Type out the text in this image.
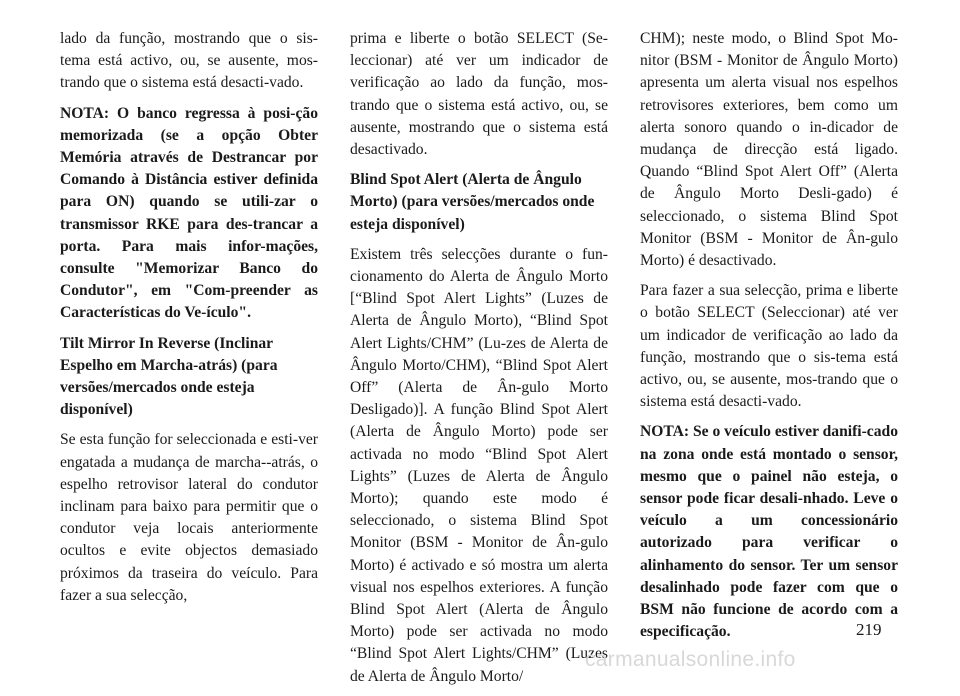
lado da função, mostrando que o sis-tema está activo, ou, se ausente, mos-trando que o sistema está desacti-vado.

NOTA: O banco regressa à posi-ção memorizada (se a opção Obter Memória através de Destrancar por Comando à Distância estiver definida para ON) quando se utili-zar o transmissor RKE para des-trancar a porta. Para mais infor-mações, consulte "Memorizar Banco do Condutor", em "Com-preender as Características do Ve-ículo".

Tilt Mirror In Reverse (Inclinar Espelho em Marcha-atrás) (para versões/mercados onde esteja disponível)

Se esta função for seleccionada e esti-ver engatada a mudança de marcha--atrás, o espelho retrovisor lateral do condutor inclinam para baixo para permitir que o condutor veja locais anteriormente ocultos e evite objectos demasiado próximos da traseira do veículo. Para fazer a sua selecção,

prima e liberte o botão SELECT (Se-leccionar) até ver um indicador de verificação ao lado da função, mos-trando que o sistema está activo, ou, se ausente, mostrando que o sistema está desactivado.

Blind Spot Alert (Alerta de Ângulo Morto) (para versões/mercados onde esteja disponível)

Existem três selecções durante o fun-cionamento do Alerta de Ângulo Morto [“Blind Spot Alert Lights” (Luzes de Alerta de Ângulo Morto), “Blind Spot Alert Lights/CHM” (Lu-zes de Alerta de Ângulo Morto/CHM), “Blind Spot Alert Off” (Alerta de Ân-gulo Morto Desligado)]. A função Blind Spot Alert (Alerta de Ângulo Morto) pode ser activada no modo “Blind Spot Alert Lights” (Luzes de Alerta de Ângulo Morto); quando este modo é seleccionado, o sistema Blind Spot Monitor (BSM - Monitor de Ân-gulo Morto) é activado e só mostra um alerta visual nos espelhos exteriores. A função Blind Spot Alert (Alerta de Ângulo Morto) pode ser activada no modo “Blind Spot Alert Lights/CHM” (Luzes de Alerta de Ângulo Morto/

CHM); neste modo, o Blind Spot Mo-nitor (BSM - Monitor de Ângulo Morto) apresenta um alerta visual nos espelhos retrovisores exteriores, bem como um alerta sonoro quando o in-dicador de mudança de direcção está ligado. Quando “Blind Spot Alert Off” (Alerta de Ângulo Morto Desli-gado) é seleccionado, o sistema Blind Spot Monitor (BSM - Monitor de Ân-gulo Morto) é desactivado.

Para fazer a sua selecção, prima e liberte o botão SELECT (Seleccionar) até ver um indicador de verificação ao lado da função, mostrando que o sis-tema está activo, ou, se ausente, mos-trando que o sistema está desacti-vado.

NOTA: Se o veículo estiver danifi-cado na zona onde está montado o sensor, mesmo que o painel não esteja, o sensor pode ficar desali-nhado. Leve o veículo a um concessionário autorizado para verificar o alinhamento do sensor. Ter um sensor desalinhado pode fazer com que o BSM não funcione de acordo com a especificação.	219
carmanualsonline.info
